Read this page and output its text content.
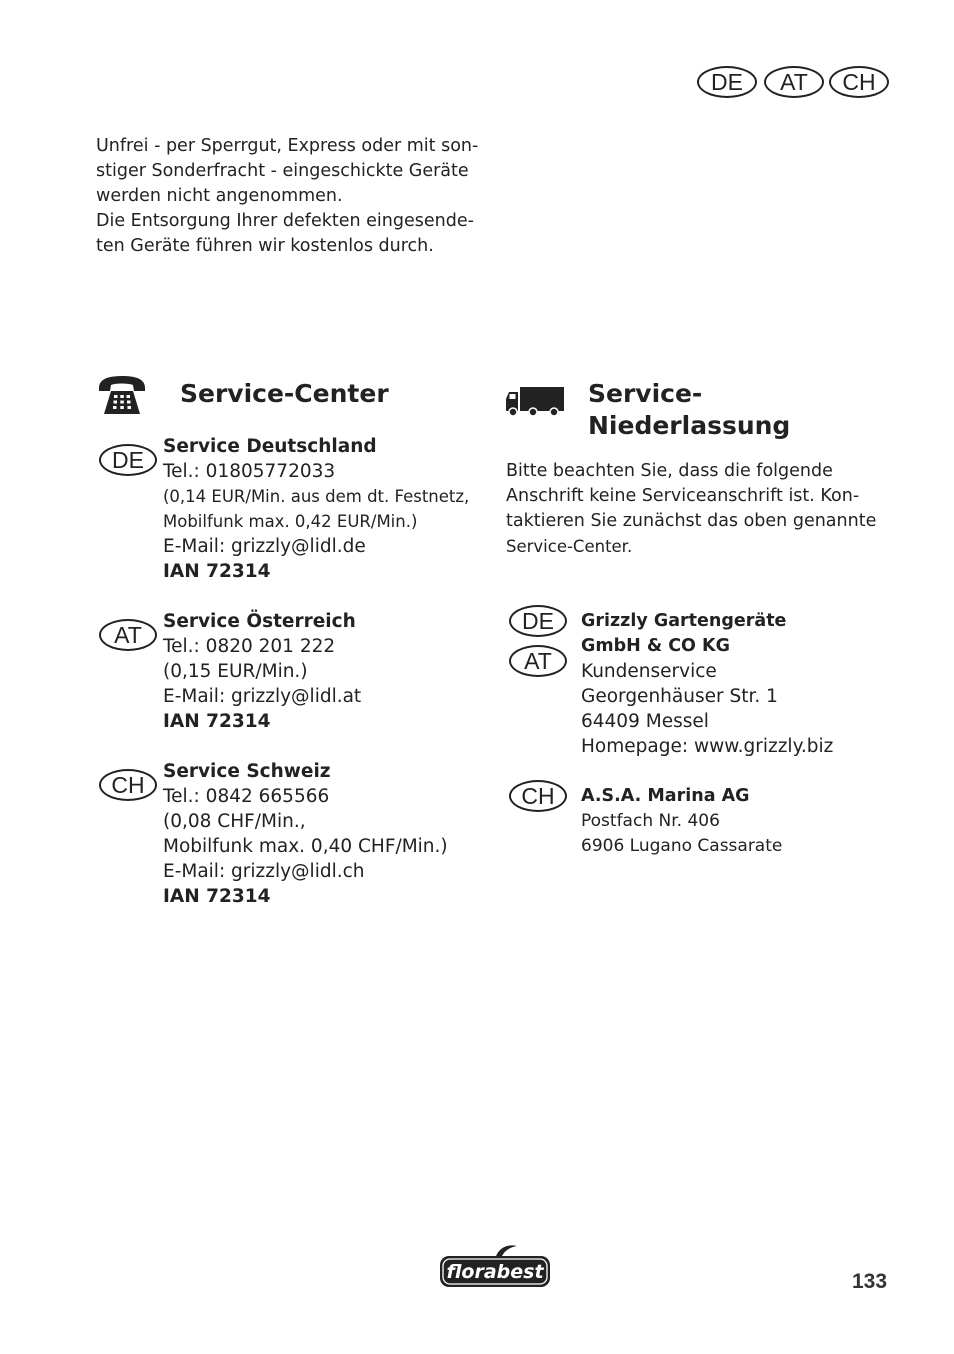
DE	AT	CH
Unfrei - per Sperrgut, Express oder mit son-
stiger Sonderfracht - eingeschickte Geräte
werden nicht angenommen.
Die Entsorgung Ihrer defekten eingesende-
ten Geräte führen wir kostenlos durch.
Service-Center
DE	Service Deutschland
Tel.: 01805772033
(0,14 EUR/Min. aus dem dt. Festnetz,
Mobilfunk max. 0,42 EUR/Min.)
E-Mail: grizzly@lidl.de
IAN 72314
AT	Service Österreich
Tel.: 0820 201 222
(0,15 EUR/Min.)
E-Mail: grizzly@lidl.at
IAN 72314
CH Service Schweiz
Tel.: 0842 665566
(0,08 CHF/Min.,
Mobilfunk max. 0,40 CHF/Min.)
E-Mail: grizzly@lidl.ch
IAN 72314
Service-
Niederlassung
Bitte beachten Sie, dass die folgende
Anschrift keine Serviceanschrift ist. Kon-
taktieren Sie zunächst das oben genannte
Service-Center.
DE
AT
Grizzly Gartengeräte
GmbH & CO KG
Kundenservice
Georgenhäuser Str. 1
64409 Messel
Homepage: www.grizzly.biz
CH	A.S.A. Marina AG
Postfach Nr. 406
6906 Lugano Cassarate
florabest	133
